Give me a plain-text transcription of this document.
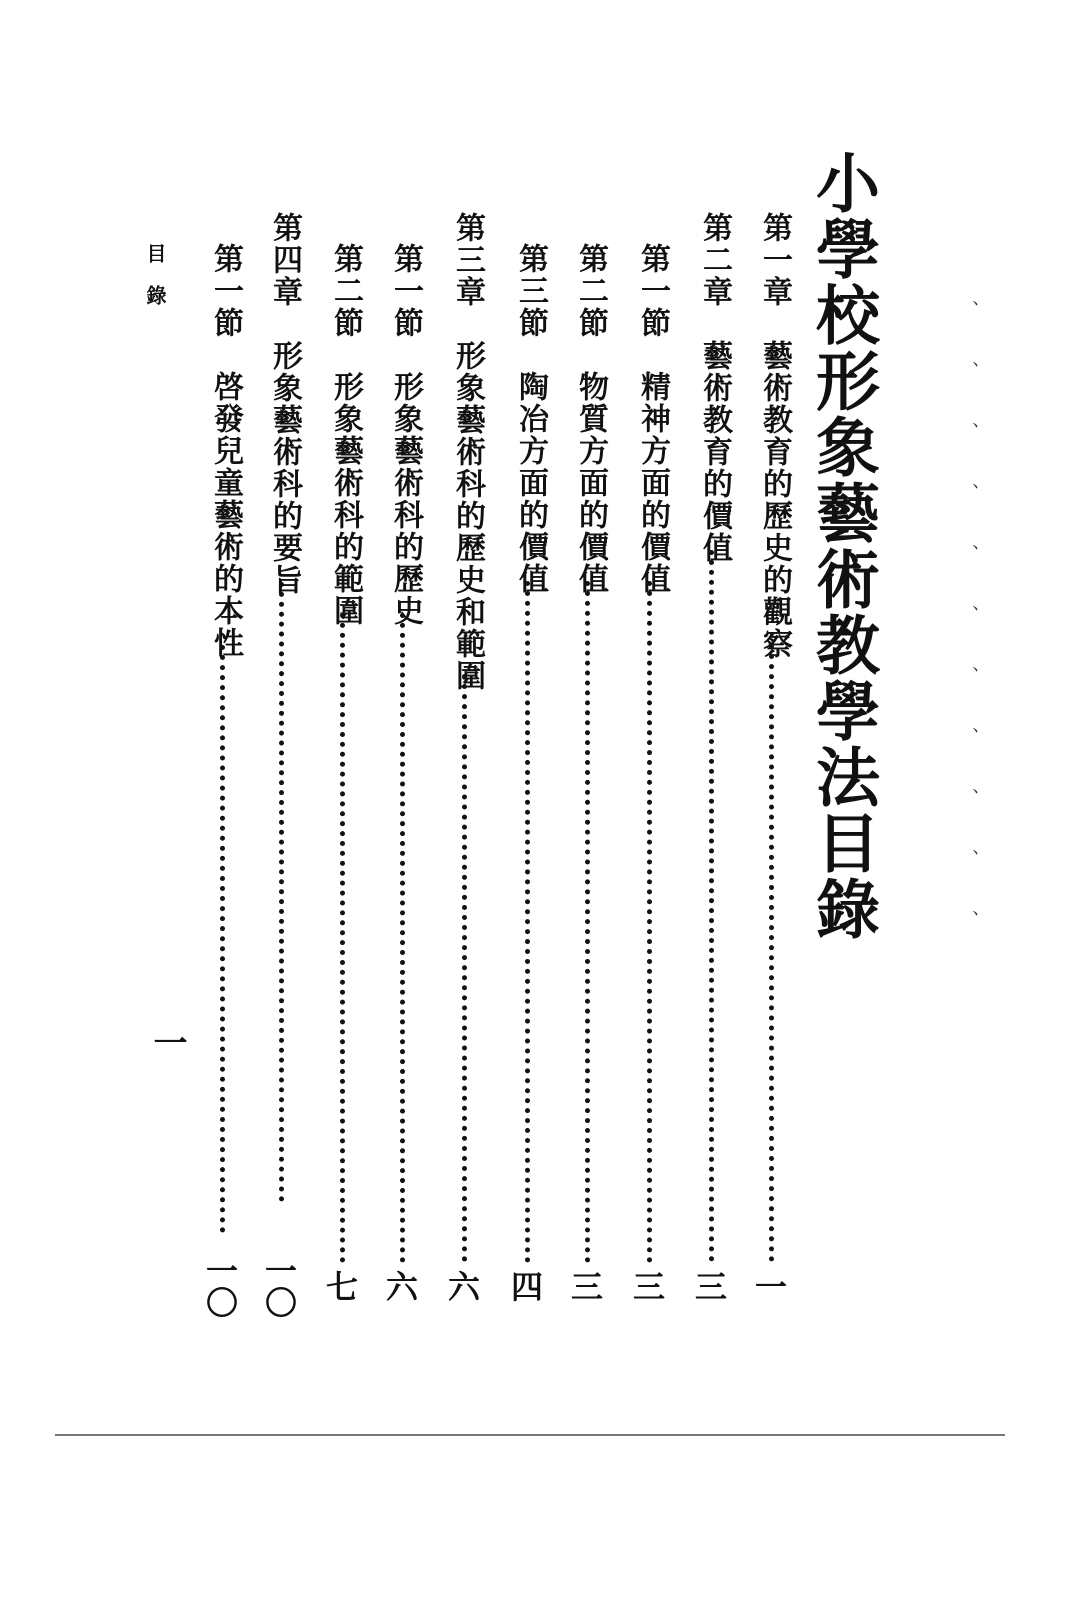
小學校形象藝術教學法目錄
第一章　藝術教育的歷史的觀察
一
第二章　藝術教育的價值
三
第一節　精神方面的價值
三
第二節　物質方面的價值
三
第三節　陶冶方面的價值
四
第三章　形象藝術科的歷史和範圍
六
第一節　形象藝術科的歷史
六
第二節　形象藝術科的範圍
七
第四章　形象藝術科的要旨
一〇
第一節　啓發兒童藝術的本性
一〇
目錄
一
、、、、、、、、、、、
